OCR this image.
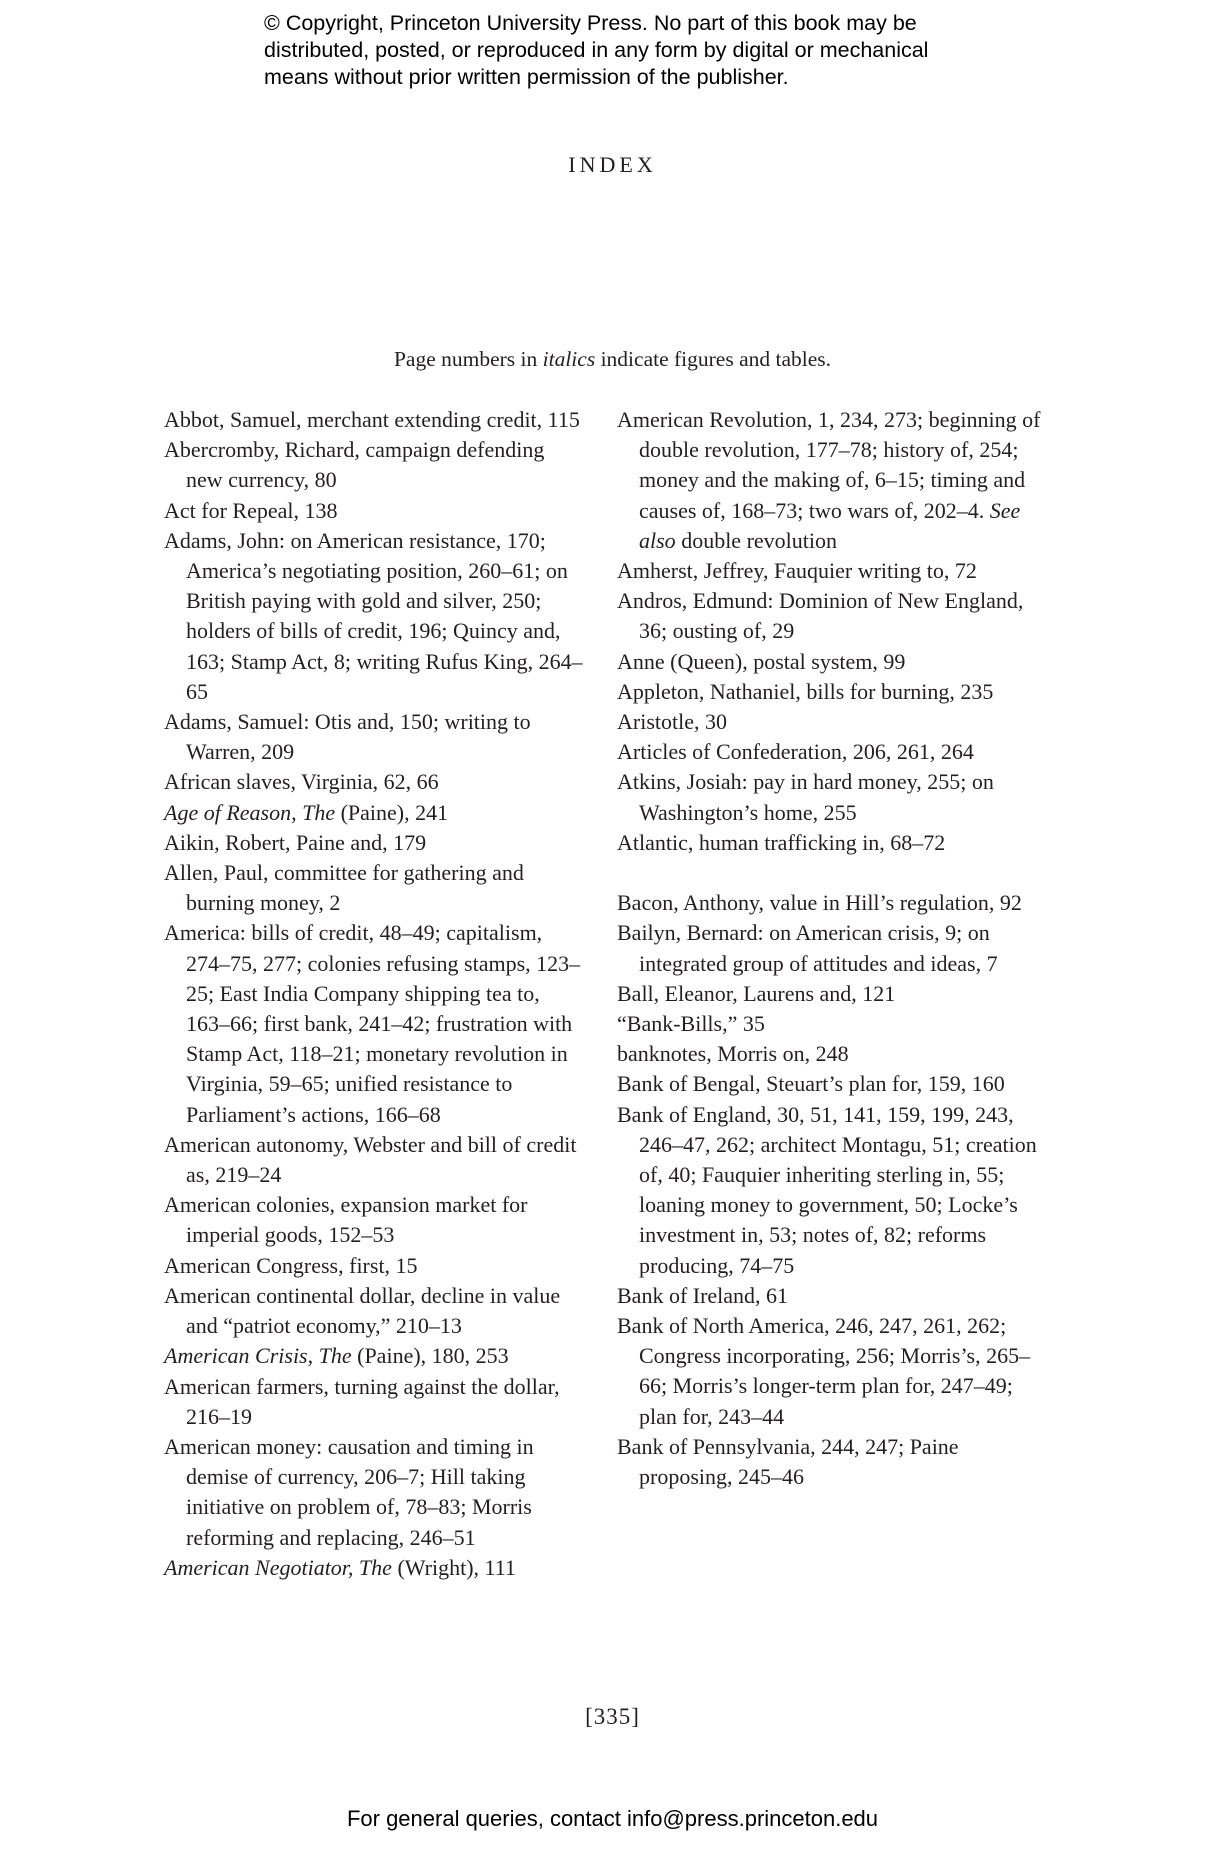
© Copyright, Princeton University Press. No part of this book may be
distributed, posted, or reproduced in any form by digital or mechanical
means without prior written permission of the publisher.
INDEX
Page numbers in italics indicate figures and tables.
Abbot, Samuel, merchant extending credit, 115
Abercromby, Richard, campaign defending new currency, 80
Act for Repeal, 138
Adams, John: on American resistance, 170; America’s negotiating position, 260–61; on British paying with gold and silver, 250; holders of bills of credit, 196; Quincy and, 163; Stamp Act, 8; writing Rufus King, 264–65
Adams, Samuel: Otis and, 150; writing to Warren, 209
African slaves, Virginia, 62, 66
Age of Reason, The (Paine), 241
Aikin, Robert, Paine and, 179
Allen, Paul, committee for gathering and burning money, 2
America: bills of credit, 48–49; capitalism, 274–75, 277; colonies refusing stamps, 123–25; East India Company shipping tea to, 163–66; first bank, 241–42; frustration with Stamp Act, 118–21; monetary revolution in Virginia, 59–65; unified resistance to Parliament’s actions, 166–68
American autonomy, Webster and bill of credit as, 219–24
American colonies, expansion market for imperial goods, 152–53
American Congress, first, 15
American continental dollar, decline in value and “patriot economy,” 210–13
American Crisis, The (Paine), 180, 253
American farmers, turning against the dollar, 216–19
American money: causation and timing in demise of currency, 206–7; Hill taking initiative on problem of, 78–83; Morris reforming and replacing, 246–51
American Negotiator, The (Wright), 111
American Revolution, 1, 234, 273; beginning of double revolution, 177–78; history of, 254; money and the making of, 6–15; timing and causes of, 168–73; two wars of, 202–4. See also double revolution
Amherst, Jeffrey, Fauquier writing to, 72
Andros, Edmund: Dominion of New England, 36; ousting of, 29
Anne (Queen), postal system, 99
Appleton, Nathaniel, bills for burning, 235
Aristotle, 30
Articles of Confederation, 206, 261, 264
Atkins, Josiah: pay in hard money, 255; on Washington’s home, 255
Atlantic, human trafficking in, 68–72
Bacon, Anthony, value in Hill’s regulation, 92
Bailyn, Bernard: on American crisis, 9; on integrated group of attitudes and ideas, 7
Ball, Eleanor, Laurens and, 121
“Bank-Bills,” 35
banknotes, Morris on, 248
Bank of Bengal, Steuart’s plan for, 159, 160
Bank of England, 30, 51, 141, 159, 199, 243, 246–47, 262; architect Montagu, 51; creation of, 40; Fauquier inheriting sterling in, 55; loaning money to government, 50; Locke’s investment in, 53; notes of, 82; reforms producing, 74–75
Bank of Ireland, 61
Bank of North America, 246, 247, 261, 262; Congress incorporating, 256; Morris’s, 265–66; Morris’s longer-term plan for, 247–49; plan for, 243–44
Bank of Pennsylvania, 244, 247; Paine proposing, 245–46
[335]
For general queries, contact info@press.princeton.edu
